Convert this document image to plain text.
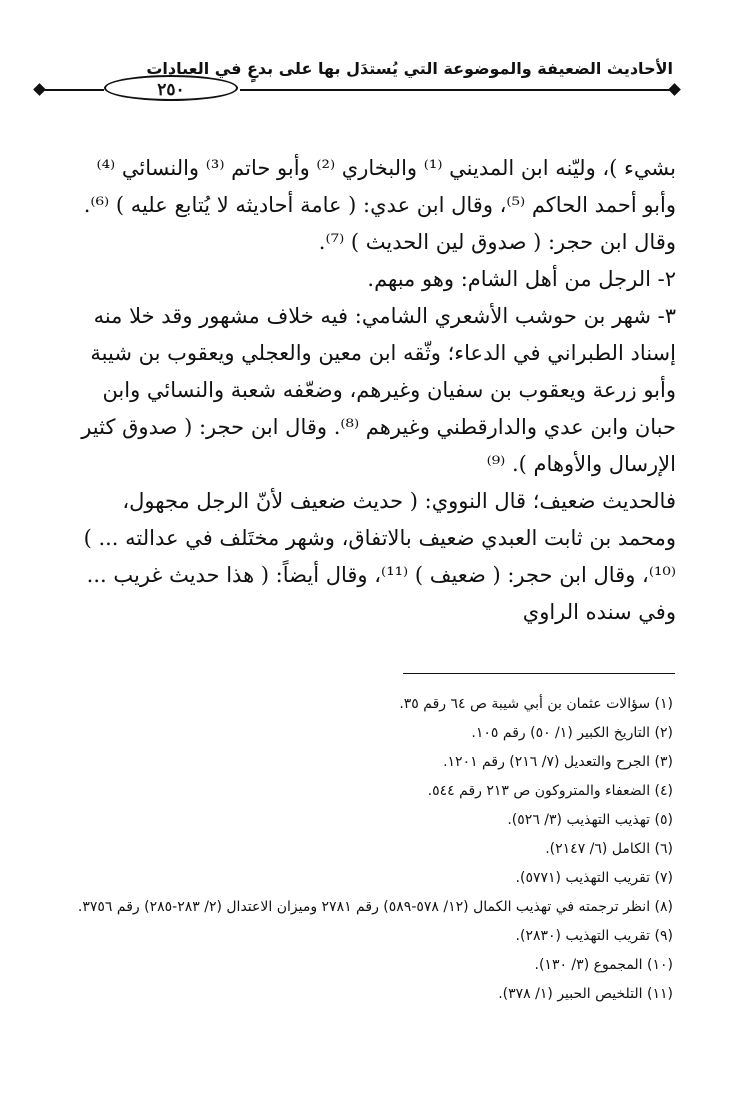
الأحاديث الضعيفة والموضوعة التي يُستدَل بها على بدعٍ في العبادات
٢٥٠

بشيء )، وليّنه ابن المديني ⁽¹⁾ والبخاري ⁽²⁾ وأبو حاتم ⁽³⁾ والنسائي ⁽⁴⁾ وأبو أحمد الحاكم ⁽⁵⁾، وقال ابن عدي: ( عامة أحاديثه لا يُتابع عليه ) ⁽⁶⁾. وقال ابن حجر: ( صدوق لين الحديث ) ⁽⁷⁾.

٢- الرجل من أهل الشام: وهو مبهم.

٣- شهر بن حوشب الأشعري الشامي: فيه خلاف مشهور وقد خلا منه إسناد الطبراني في الدعاء؛ وثّقه ابن معين والعجلي ويعقوب بن شيبة وأبو زرعة ويعقوب بن سفيان وغيرهم، وضعّفه شعبة والنسائي وابن حبان وابن عدي والدارقطني وغيرهم ⁽⁸⁾. وقال ابن حجر: ( صدوق كثير الإرسال والأوهام ). ⁽⁹⁾

فالحديث ضعيف؛ قال النووي: ( حديث ضعيف لأنّ الرجل مجهول، ومحمد بن ثابت العبدي ضعيف بالاتفاق، وشهر مختَلف في عدالته ... ) ⁽¹⁰⁾، وقال ابن حجر: ( ضعيف ) ⁽¹¹⁾، وقال أيضاً: ( هذا حديث غريب ... وفي سنده الراوي

(١) سؤالات عثمان بن أبي شيبة ص ٦٤ رقم ٣٥.

(٢) التاريخ الكبير (١/ ٥٠) رقم ١٠٥.

(٣) الجرح والتعديل (٧/ ٢١٦) رقم ١٢٠١.

(٤) الضعفاء والمتروكون ص ٢١٣ رقم ٥٤٤.

(٥) تهذيب التهذيب (٣/ ٥٢٦).

(٦) الكامل (٦/ ٢١٤٧).

(٧) تقريب التهذيب (٥٧٧١).

(٨) انظر ترجمته في تهذيب الكمال (١٢/ ٥٧٨-٥٨٩) رقم ٢٧٨١ وميزان الاعتدال (٢/ ٢٨٣-٢٨٥) رقم ٣٧٥٦.

(٩) تقريب التهذيب (٢٨٣٠).

(١٠) المجموع (٣/ ١٣٠).

(١١) التلخيص الحبير (١/ ٣٧٨).
